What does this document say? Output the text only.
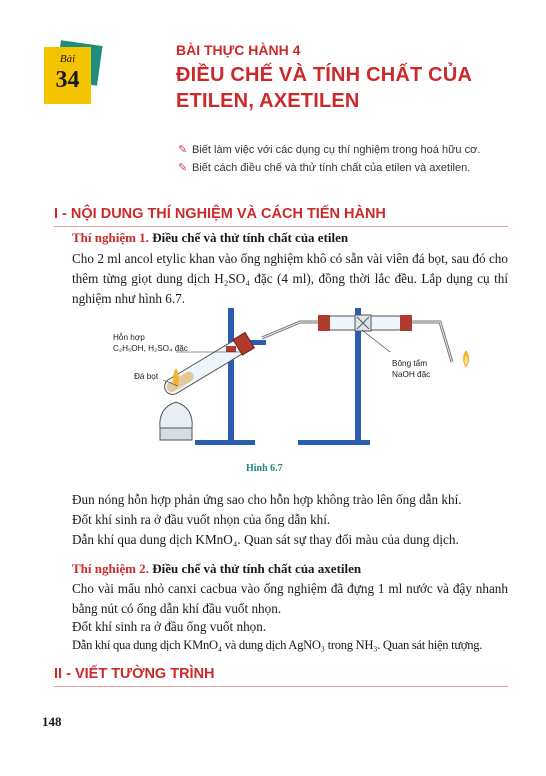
Bài
34
BÀI THỰC HÀNH 4
ĐIỀU CHẾ VÀ TÍNH CHẤT CỦA
ETILEN, AXETILEN
✎ Biết làm việc với các dụng cụ thí nghiệm trong hoá hữu cơ.
✎ Biết cách điều chế và thử tính chất của etilen và axetilen.
I - NỘI DUNG THÍ NGHIỆM VÀ CÁCH TIẾN HÀNH
Thí nghiệm 1. Điều chế và thử tính chất của etilen
Cho 2 ml ancol etylic khan vào ống nghiệm khô có sẵn vài viên đá bọt, sau đó cho thêm từng giọt dung dịch H₂SO₄ đặc (4 ml), đồng thời lắc đều. Lắp dụng cụ thí nghiệm như hình 6.7.
Hỗn hợp
C₂H₅OH, H₂SO₄ đặc
Đá bọt
Bông tẩm
NaOH đặc
Hình 6.7
Đun nóng hỗn hợp phản ứng sao cho hỗn hợp không trào lên ống dẫn khí.
Đốt khí sinh ra ở đầu vuốt nhọn của ống dẫn khí.
Dẫn khí qua dung dịch KMnO₄. Quan sát sự thay đổi màu của dung dịch.
Thí nghiệm 2. Điều chế và thử tính chất của axetilen
Cho vài mẩu nhỏ canxi cacbua vào ống nghiệm đã đựng 1 ml nước và đậy nhanh bằng nút có ống dẫn khí đầu vuốt nhọn.
Đốt khí sinh ra ở đầu ống vuốt nhọn.
Dẫn khí qua dung dịch KMnO₄ và dung dịch AgNO₃ trong NH₃. Quan sát hiện tượng.
II - VIẾT TƯỜNG TRÌNH
148
